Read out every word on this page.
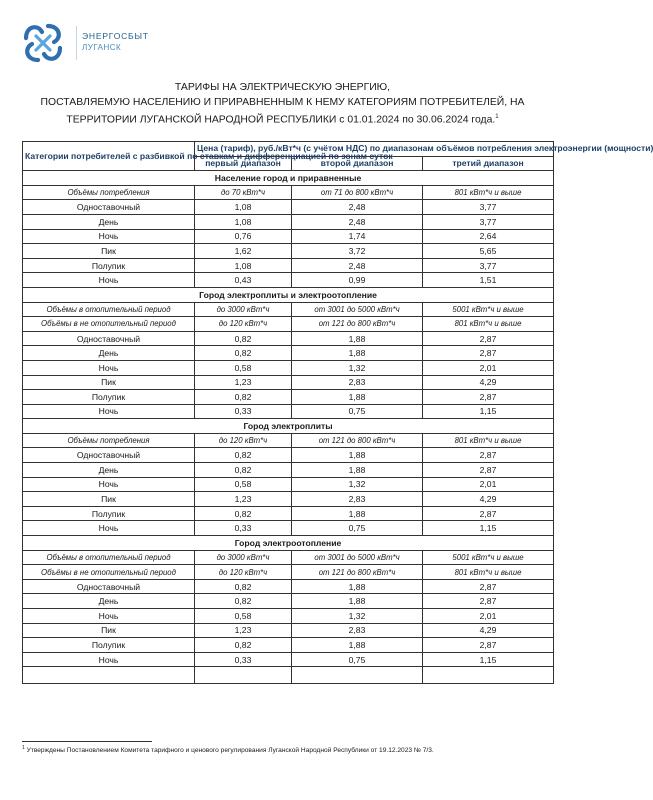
ЭНЕРГОСБЫТ
ЛУГАНСК
ТАРИФЫ НА ЭЛЕКТРИЧЕСКУЮ ЭНЕРГИЮ,
ПОСТАВЛЯЕМУЮ НАСЕЛЕНИЮ И ПРИРАВНЕННЫМ К НЕМУ КАТЕГОРИЯМ ПОТРЕБИТЕЛЕЙ, НА
ТЕРРИТОРИИ ЛУГАНСКОЙ НАРОДНОЙ РЕСПУБЛИКИ с 01.01.2024 по 30.06.2024 года.$^1$
Категории потребителей с разбивкой по ставкам и дифференциацией по зонам суток	Цена (тариф), руб./кВт*ч (с учётом НДС) по диапазонам объёмов потребления электроэнергии (мощности)		
	первый диапазон	второй диапазон	третий диапазон
Население город и приравненные			
Объёмы потребления	до 70 кВт*ч	от 71 до 800 кВт*ч	801 кВт*ч и выше
Одноставочный	1,08	2,48	3,77
День	1,08	2,48	3,77
Ночь	0,76	1,74	2,64
Пик	1,62	3,72	5,65
Полупик	1,08	2,48	3,77
Ночь	0,43	0,99	1,51
Город электроплиты и электроотопление			
Объёмы в отопительный период	до 3000 кВт*ч	от 3001 до 5000 кВт*ч	5001 кВт*ч и выше
Объёмы в не отопительный период	до 120 кВт*ч	от 121 до 800 кВт*ч	801 кВт*ч и выше
Одноставочный	0,82	1,88	2,87
День	0,82	1,88	2,87
Ночь	0,58	1,32	2,01
Пик	1,23	2,83	4,29
Полупик	0,82	1,88	2,87
Ночь	0,33	0,75	1,15
Город электроплиты			
Объёмы потребления	до 120 кВт*ч	от 121 до 800 кВт*ч	801 кВт*ч и выше
Одноставочный	0,82	1,88	2,87
День	0,82	1,88	2,87
Ночь	0,58	1,32	2,01
Пик	1,23	2,83	4,29
Полупик	0,82	1,88	2,87
Ночь	0,33	0,75	1,15
Город электроотопление			
Объёмы в отопительный период	до 3000 кВт*ч	от 3001 до 5000 кВт*ч	5001 кВт*ч и выше
Объёмы в не отопительный период	до 120 кВт*ч	от 121 до 800 кВт*ч	801 кВт*ч и выше
Одноставочный	0,82	1,88	2,87
День	0,82	1,88	2,87
Ночь	0,58	1,32	2,01
Пик	1,23	2,83	4,29
Полупик	0,82	1,88	2,87
Ночь	0,33	0,75	1,15

$^1$ Утверждены Постановлением Комитета тарифного и ценового регулирования Луганской Народной Республики от 19.12.2023 № 7/3.
